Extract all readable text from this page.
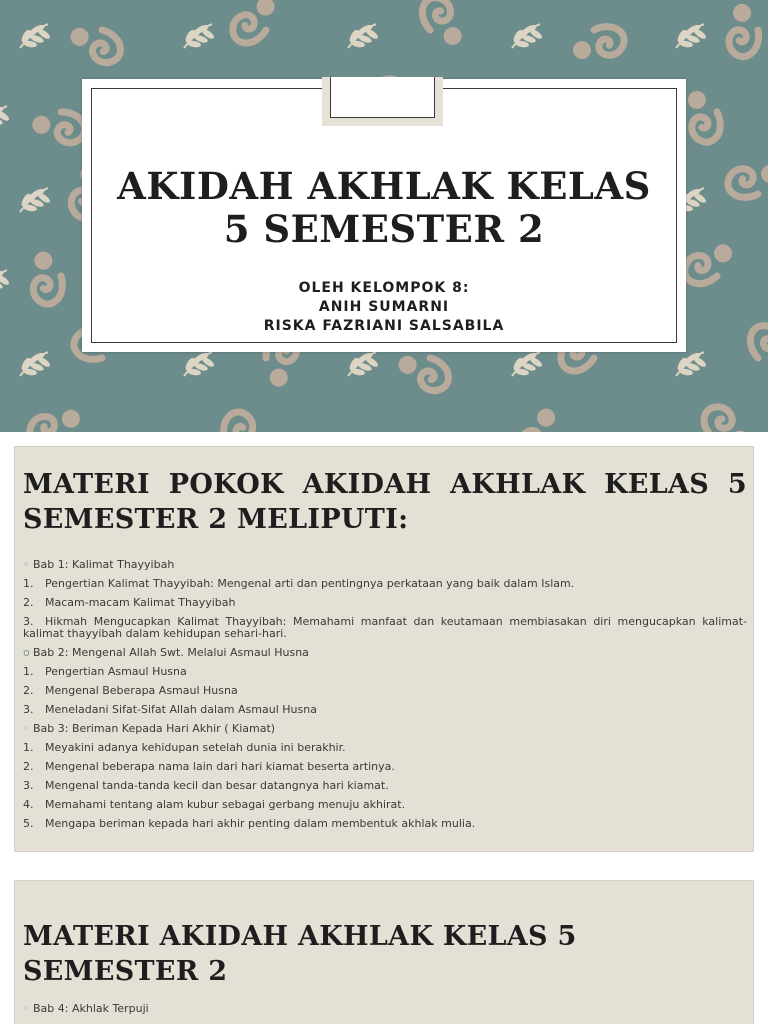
AKIDAH AKHLAK KELAS
5 SEMESTER 2
OLEH KELOMPOK 8:
ANIH SUMARNI
RISKA FAZRIANI SALSABILA
MATERI POKOK AKIDAH AKHLAK KELAS 5 SEMESTER 2 MELIPUTI:
◦ Bab 1: Kalimat Thayyibah
1. Pengertian Kalimat Thayyibah: Mengenal arti dan pentingnya perkataan yang baik dalam Islam.
2. Macam-macam Kalimat Thayyibah
3. Hikmah Mengucapkan Kalimat Thayyibah: Memahami manfaat dan keutamaan membiasakan diri mengucapkan kalimat-kalimat thayyibah dalam kehidupan sehari-hari.
o Bab 2: Mengenal Allah Swt. Melalui Asmaul Husna
1. Pengertian Asmaul Husna
2. Mengenal Beberapa Asmaul Husna
3. Meneladani Sifat-Sifat Allah dalam Asmaul Husna
◦ Bab 3: Beriman Kepada Hari Akhir ( Kiamat)
1. Meyakini adanya kehidupan setelah dunia ini berakhir.
2. Mengenal beberapa nama lain dari hari kiamat beserta artinya.
3. Mengenal tanda-tanda kecil dan besar datangnya hari kiamat.
4. Memahami tentang alam kubur sebagai gerbang menuju akhirat.
5. Mengapa beriman kepada hari akhir penting dalam membentuk akhlak mulia.
MATERI AKIDAH AKHLAK KELAS 5 SEMESTER 2
◦ Bab 4: Akhlak Terpuji
